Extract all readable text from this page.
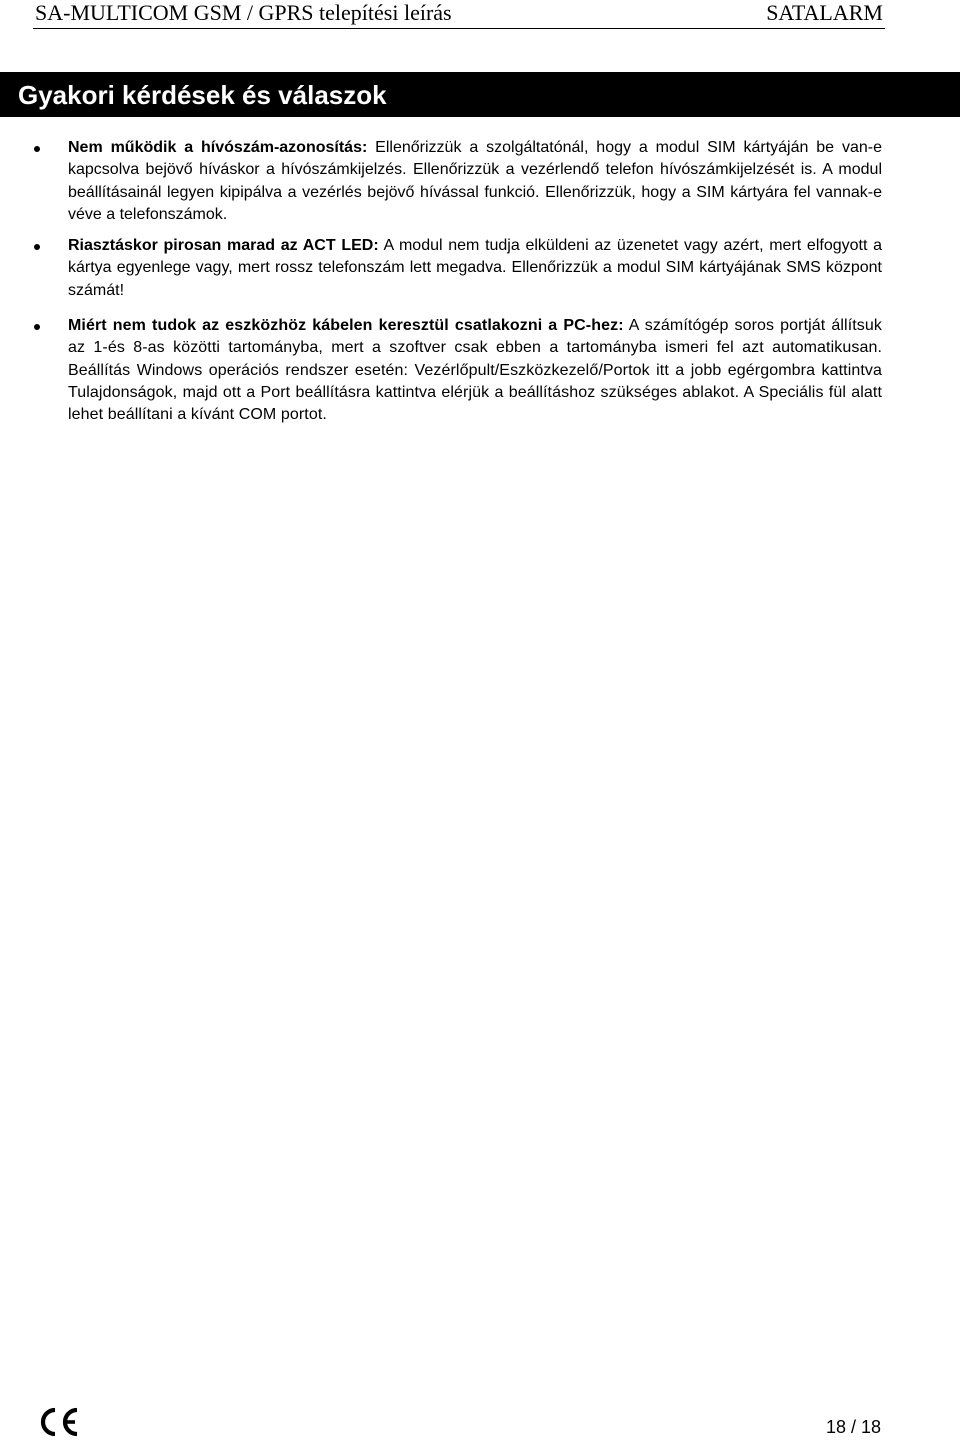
SA-MULTICOM GSM / GPRS telepítési leírás	SATALARM
Gyakori kérdések és válaszok
Nem működik a hívószám-azonosítás: Ellenőrizzük a szolgáltatónál, hogy a modul SIM kártyáján be van-e kapcsolva bejövő híváskor a hívószámkijelzés. Ellenőrizzük a vezérlendő telefon hívószámkijelzését is. A modul beállításainál legyen kipipálva a vezérlés bejövő hívással funkció. Ellenőrizzük, hogy a SIM kártyára fel vannak-e véve a telefonszámok.
Riasztáskor pirosan marad az ACT LED: A modul nem tudja elküldeni az üzenetet vagy azért, mert elfogyott a kártya egyenlege vagy, mert rossz telefonszám lett megadva. Ellenőrizzük a modul SIM kártyájának SMS központ számát!
Miért nem tudok az eszközhöz kábelen keresztül csatlakozni a PC-hez: A számítógép soros portját állítsuk az 1-és 8-as közötti tartományba, mert a szoftver csak ebben a tartományba ismeri fel azt automatikusan. Beállítás Windows operációs rendszer esetén: Vezérlőpult/Eszközkezelő/Portok itt a jobb egérgombra kattintva Tulajdonságok, majd ott a Port beállításra kattintva elérjük a beállításhoz szükséges ablakot. A Speciális fül alatt lehet beállítani a kívánt COM portot.
18 / 18
